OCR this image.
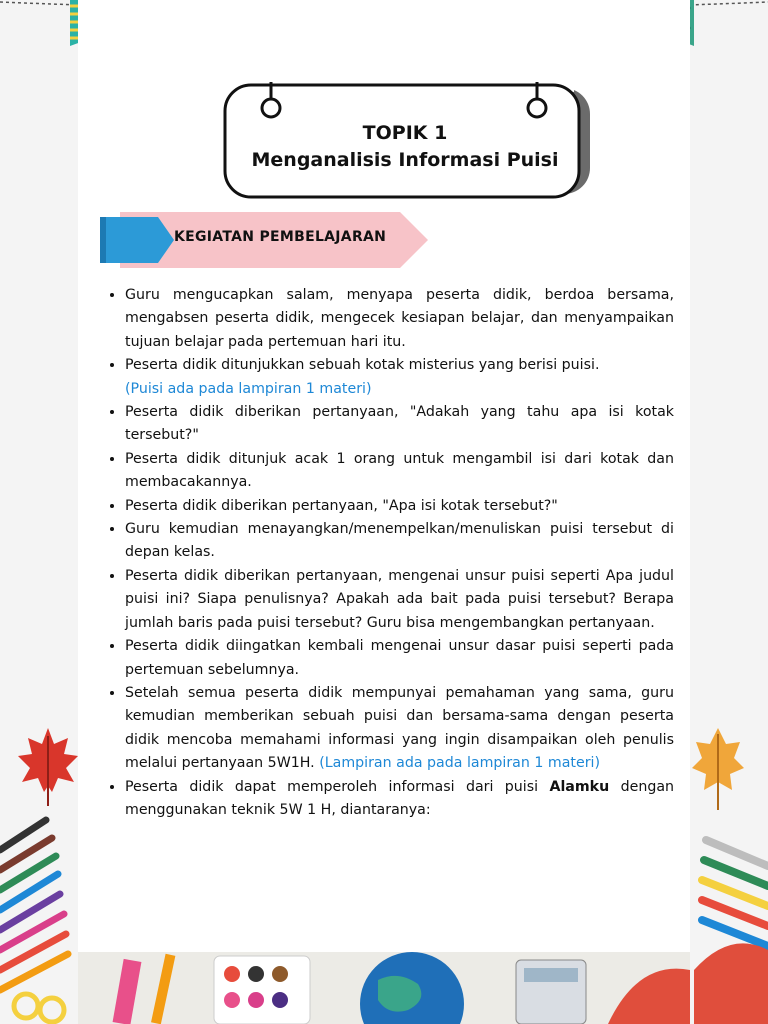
TOPIK 1
Menganalisis Informasi Puisi
KEGIATAN PEMBELAJARAN
• Guru mengucapkan salam, menyapa peserta didik, berdoa bersama, mengabsen peserta didik, mengecek kesiapan belajar, dan menyampaikan tujuan belajar pada pertemuan hari itu.
• Peserta didik ditunjukkan sebuah kotak misterius yang berisi puisi.
(Puisi ada pada lampiran 1 materi)
• Peserta didik diberikan pertanyaan, "Adakah yang tahu apa isi kotak tersebut?"
• Peserta didik ditunjuk acak 1 orang untuk mengambil isi dari kotak dan membacakannya.
• Peserta didik diberikan pertanyaan, "Apa isi kotak tersebut?"
• Guru kemudian menayangkan/menempelkan/menuliskan puisi tersebut di depan kelas.
• Peserta didik diberikan pertanyaan, mengenai unsur puisi seperti Apa judul puisi ini? Siapa penulisnya? Apakah ada bait pada puisi tersebut? Berapa jumlah baris pada puisi tersebut? Guru bisa mengembangkan pertanyaan.
• Peserta didik diingatkan kembali mengenai unsur dasar puisi seperti pada pertemuan sebelumnya.
• Setelah semua peserta didik mempunyai pemahaman yang sama, guru kemudian memberikan sebuah puisi dan bersama-sama dengan peserta didik mencoba memahami informasi yang ingin disampaikan oleh penulis melalui pertanyaan 5W1H. (Lampiran ada pada lampiran 1 materi)
• Peserta didik dapat memperoleh informasi dari puisi Alamku dengan menggunakan teknik 5W 1 H, diantaranya:
